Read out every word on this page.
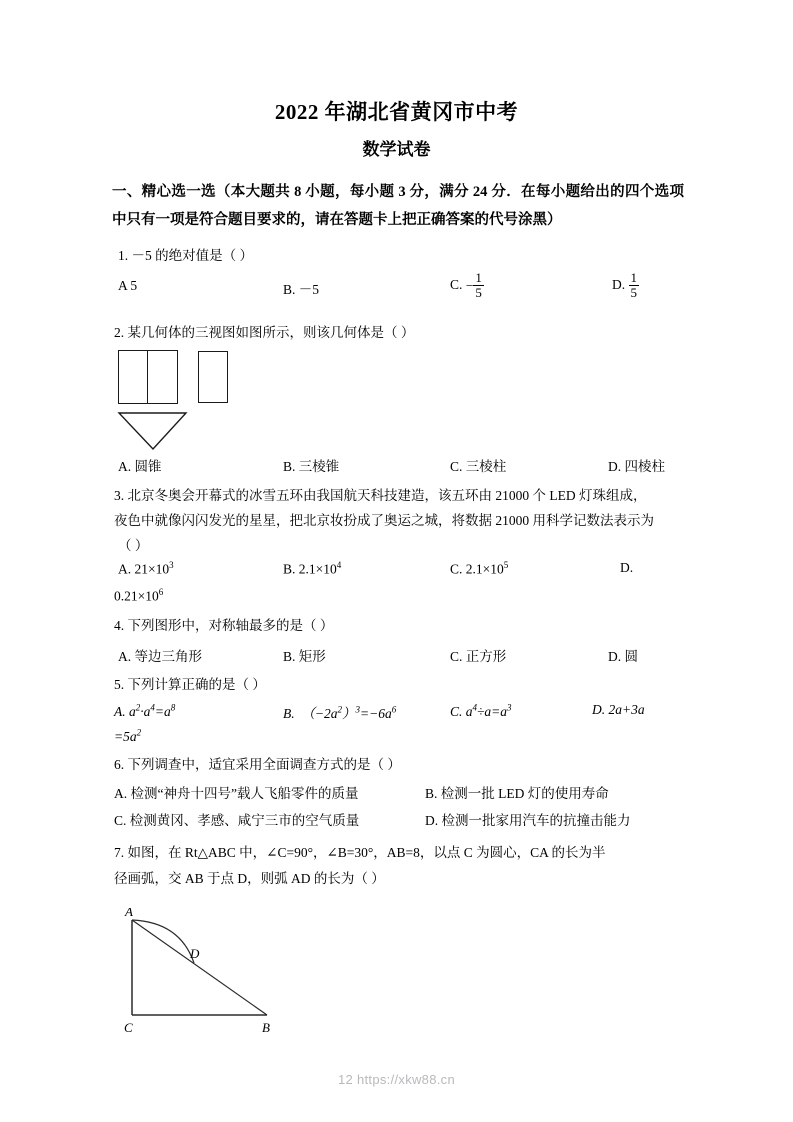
2022 年湖北省黄冈市中考
数学试卷
一、精心选一选（本大题共 8 小题，每小题 3 分，满分 24 分．在每小题给出的四个选项中只有一项是符合题目要求的，请在答题卡上把正确答案的代号涂黑）
1. －5 的绝对值是（ ）
A 5	B. －5	C. − $\frac{1}{5}$	D. $\frac{1}{5}$
2. 某几何体的三视图如图所示，则该几何体是（ ）
A. 圆锥	B. 三棱锥	C. 三棱柱	D. 四棱柱
3. 北京冬奥会开幕式的冰雪五环由我国航天科技建造，该五环由 21000 个 LED 灯珠组成，
夜色中就像闪闪发光的星星，把北京妆扮成了奥运之城，将数据 21000 用科学记数法表示为
（ ）
A. $21\times 10^3$	B. $2.1\times 10^4$	C. $2.1\times 10^5$	D.
$0.21\times 10^6$
4. 下列图形中，对称轴最多的是（ ）
A. 等边三角形	B. 矩形	C. 正方形	D. 圆
5. 下列计算正确的是（ ）
A. $a^2\cdot a^4=a^8$	B.　$(-2a^2)^3=-6a^6$	C. $a^4\div a=a^3$	D. 2a+3a
$=5a^2$
6. 下列调查中，适宜采用全面调查方式的是（ ）
A. 检测“神舟十四号”载人飞船零件的质量	B. 检测一批 LED 灯的使用寿命
C. 检测黄冈、孝感、咸宁三市的空气质量	D. 检测一批家用汽车的抗撞击能力
7. 如图，在 Rt△ABC 中，∠C=90°，∠B=30°，AB=8，以点 C 为圆心，CA 的长为半
径画弧，交 AB 于点 D，则弧 AD 的长为（ ）
A
C	B
D
12 https://xkw88.cn
